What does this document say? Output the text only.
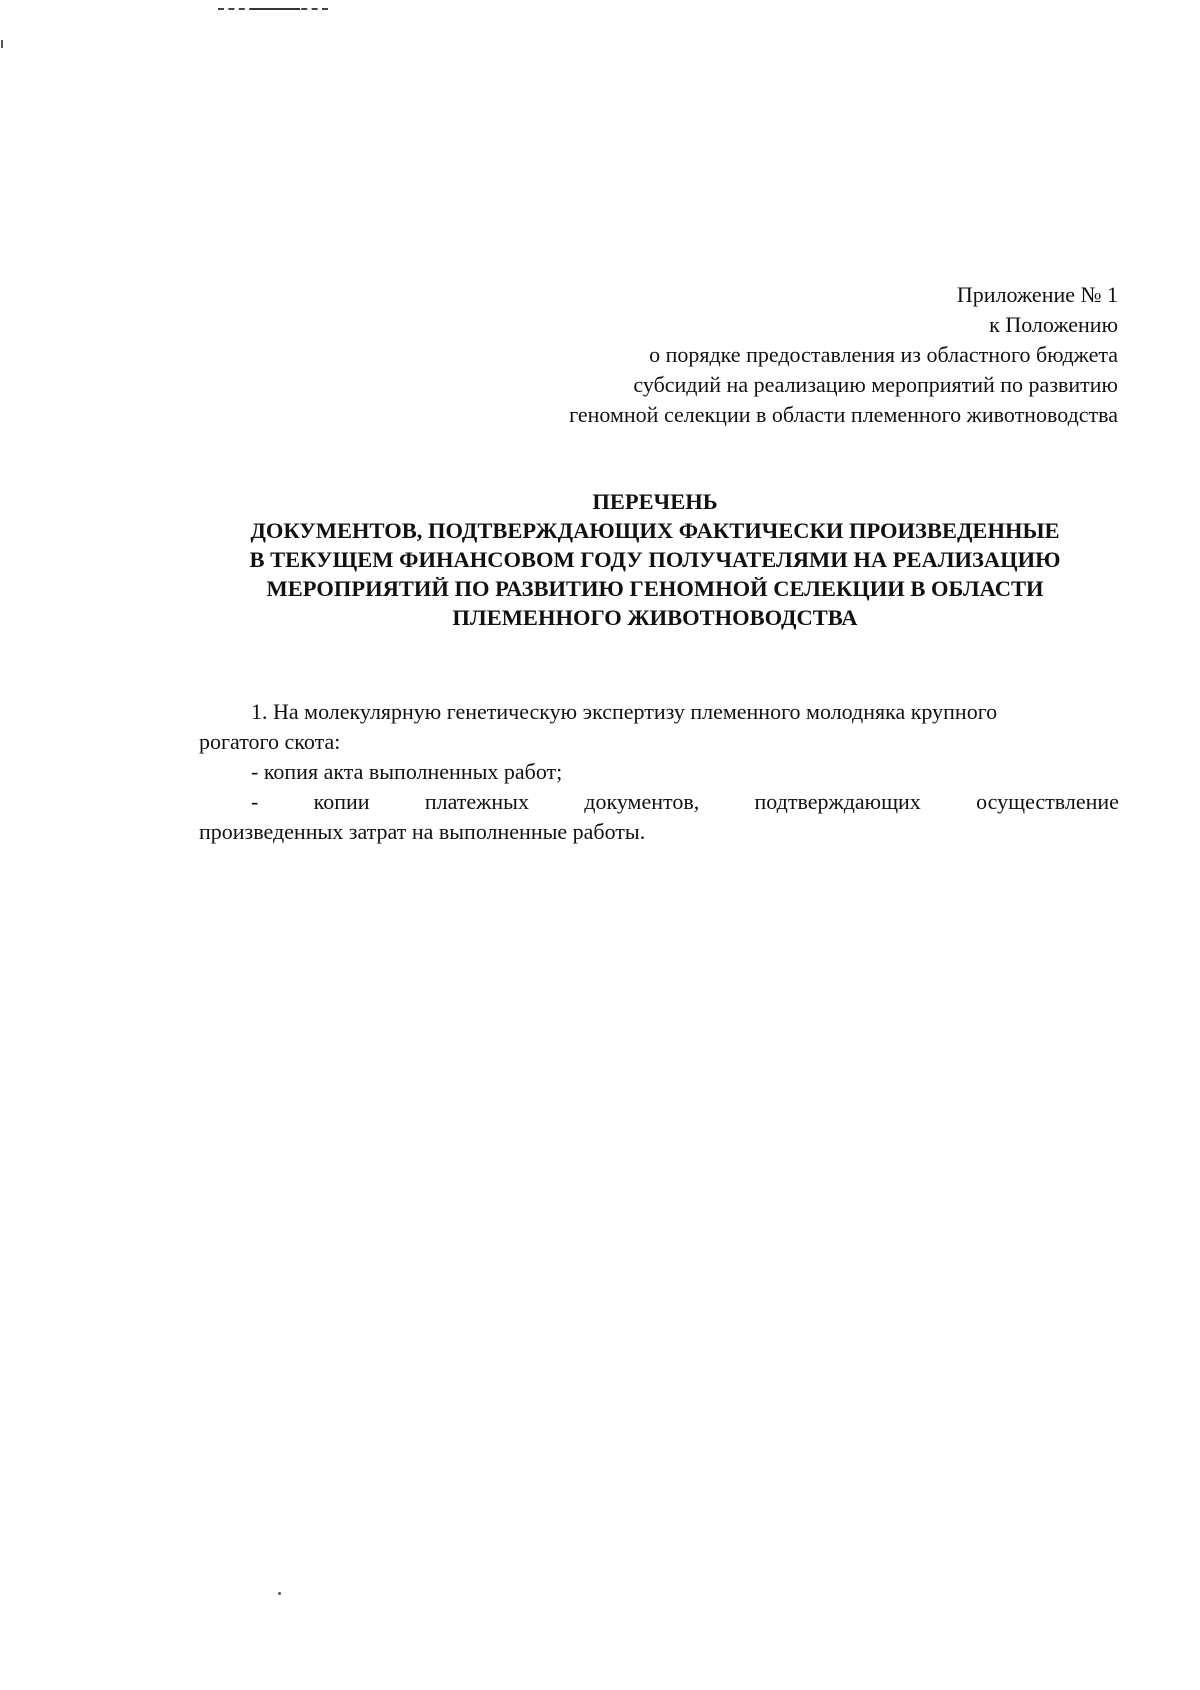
Приложение № 1
к Положению
о порядке предоставления из областного бюджета
субсидий на реализацию мероприятий по развитию
геномной селекции в области племенного животноводства
ПЕРЕЧЕНЬ
ДОКУМЕНТОВ, ПОДТВЕРЖДАЮЩИХ ФАКТИЧЕСКИ ПРОИЗВЕДЕННЫЕ
В ТЕКУЩЕМ ФИНАНСОВОМ ГОДУ ПОЛУЧАТЕЛЯМИ НА РЕАЛИЗАЦИЮ
МЕРОПРИЯТИЙ ПО РАЗВИТИЮ ГЕНОМНОЙ СЕЛЕКЦИИ В ОБЛАСТИ
ПЛЕМЕННОГО ЖИВОТНОВОДСТВА
1. На молекулярную генетическую экспертизу племенного молодняка крупного
рогатого скота:
- копия акта выполненных работ;
-	копии	платежных	документов,	подтверждающих	осуществление
произведенных затрат на выполненные работы.
